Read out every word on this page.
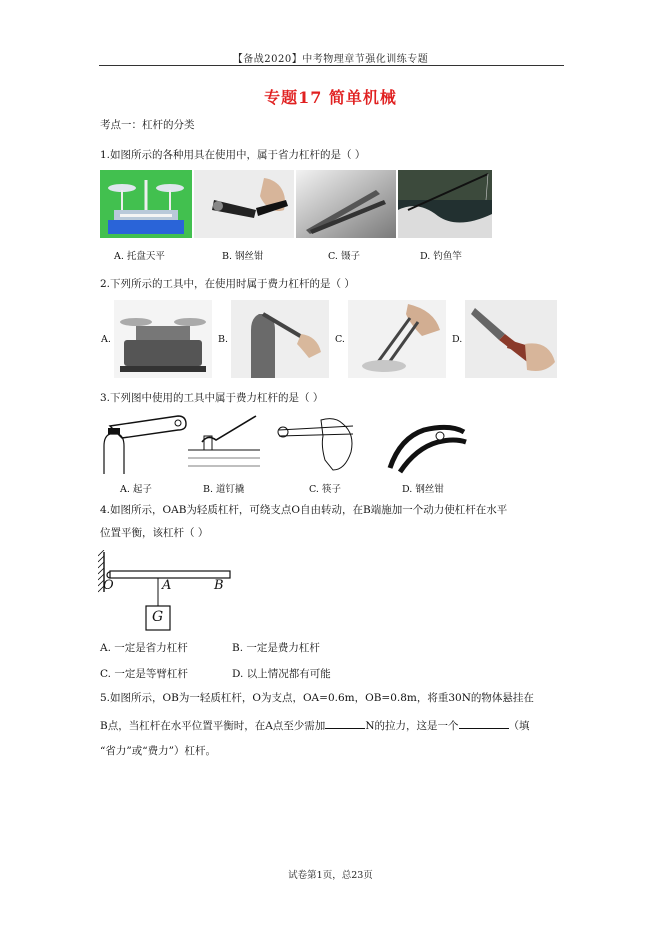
【备战2020】中考物理章节强化训练专题
专题17 简单机械
考点一：杠杆的分类
1.如图所示的各种用具在使用中，属于省力杠杆的是（ ）
A. 托盘天平	B. 钢丝钳	C. 镊子	D. 钓鱼竿
2.下列所示的工具中，在使用时属于费力杠杆的是（ ）
A.	B.	C.	D.
3.下列图中使用的工具中属于费力杠杆的是（ ）
A. 起子	B. 道钉撬	C. 筷子	D. 钢丝钳
4.如图所示，OAB为轻质杠杆，可绕支点O自由转动，在B端施加一个动力使杠杆在水平
位置平衡，该杠杆（ ）
O	A	B
G
A. 一定是省力杠杆	B. 一定是费力杠杆
C. 一定是等臂杠杆	D. 以上情况都有可能
5.如图所示，OB为一轻质杠杆，O为支点，OA=0.6m，OB=0.8m，将重30N的物体悬挂在
B点，当杠杆在水平位置平衡时，在A点至少需加	N的拉力，这是一个	（填
“省力”或“费力”）杠杆。
试卷第1页，总23页
